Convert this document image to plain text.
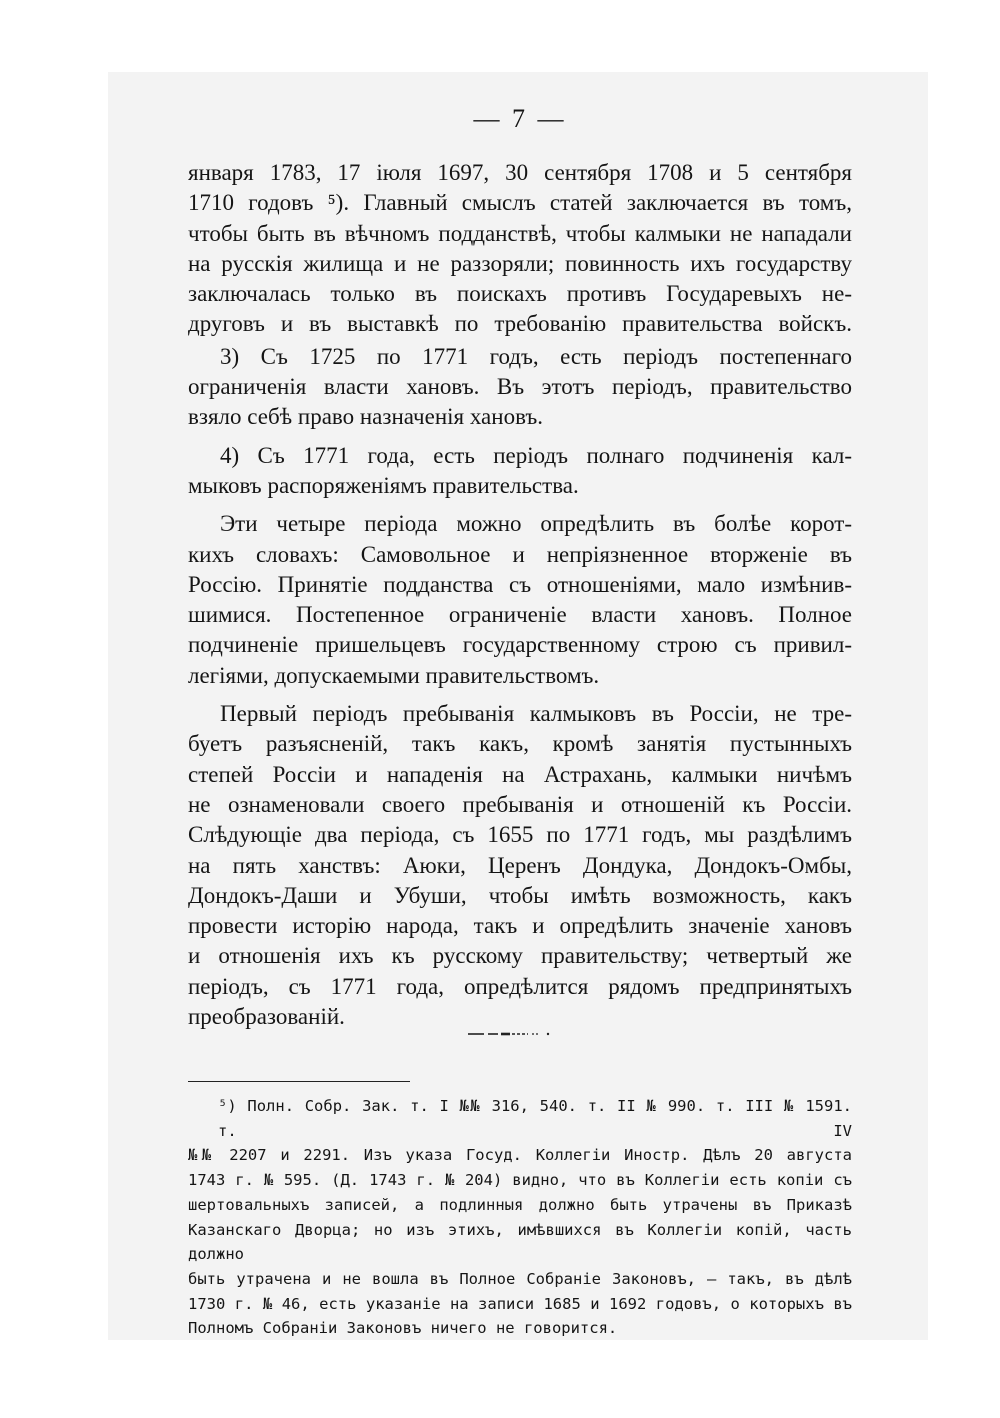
— 7 —
января 1783, 17 іюля 1697, 30 сентября 1708 и 5 сентября
1710 годовъ ⁵). Главный смыслъ статей заключается въ томъ,
чтобы быть въ вѣчномъ подданствѣ, чтобы калмыки не нападали
на русскія жилища и не раззоряли; повинность ихъ государству
заключалась только въ поискахъ противъ Государевыхъ не-
друговъ и въ выставкѣ по требованію правительства войскъ.
3) Съ 1725 по 1771 годъ, есть періодъ постепеннаго
ограниченія власти хановъ. Въ этотъ періодъ, правительство
взяло себѣ право назначенія хановъ.
4) Съ 1771 года, есть періодъ полнаго подчиненія кал-
мыковъ распоряженіямъ правительства.
Эти четыре періода можно опредѣлить въ болѣе корот-
кихъ словахъ: Самовольное и непріязненное вторженіе въ
Россію. Принятіе подданства съ отношеніями, мало измѣнив-
шимися. Постепенное ограниченіе власти хановъ. Полное
подчиненіе пришельцевъ государственному строю съ привил-
легіями, допускаемыми правительствомъ.
Первый періодъ пребыванія калмыковъ въ Россіи, не тре-
буетъ разъясненій, такъ какъ, кромѣ занятія пустынныхъ
степей Россіи и нападенія на Астрахань, калмыки ничѣмъ
не ознаменовали своего пребыванія и отношеній къ Россіи.
Слѣдующіе два періода, съ 1655 по 1771 годъ, мы раздѣлимъ
на пять ханствъ: Аюки, Церенъ Дондука, Дондокъ-Омбы,
Дондокъ-Даши и Убуши, чтобы имѣть возможность, какъ
провести исторію народа, такъ и опредѣлить значеніе хановъ
и отношенія ихъ къ русскому правительству; четвертый же
періодъ, съ 1771 года, опредѣлится рядомъ предпринятыхъ
преобразованій.
⁵) Полн. Собр. Зак. т. I №№ 316, 540. т. II № 990. т. III № 1591. т. IV
№№ 2207 и 2291. Изъ указа Госуд. Коллегіи Иностр. Дѣлъ 20 августа
1743 г. № 595. (Д. 1743 г. № 204) видно, что въ Коллегіи есть копіи съ
шертовальныхъ записей, а подлинныя должно быть утрачены въ Приказѣ
Казанскаго Дворца; но изъ этихъ, имѣвшихся въ Коллегіи копій, часть должно
быть утрачена и не вошла въ Полное Собраніе Законовъ, — такъ, въ дѣлѣ
1730 г. № 46, есть указаніе на записи 1685 и 1692 годовъ, о которыхъ въ
Полномъ Собраніи Законовъ ничего не говорится.
